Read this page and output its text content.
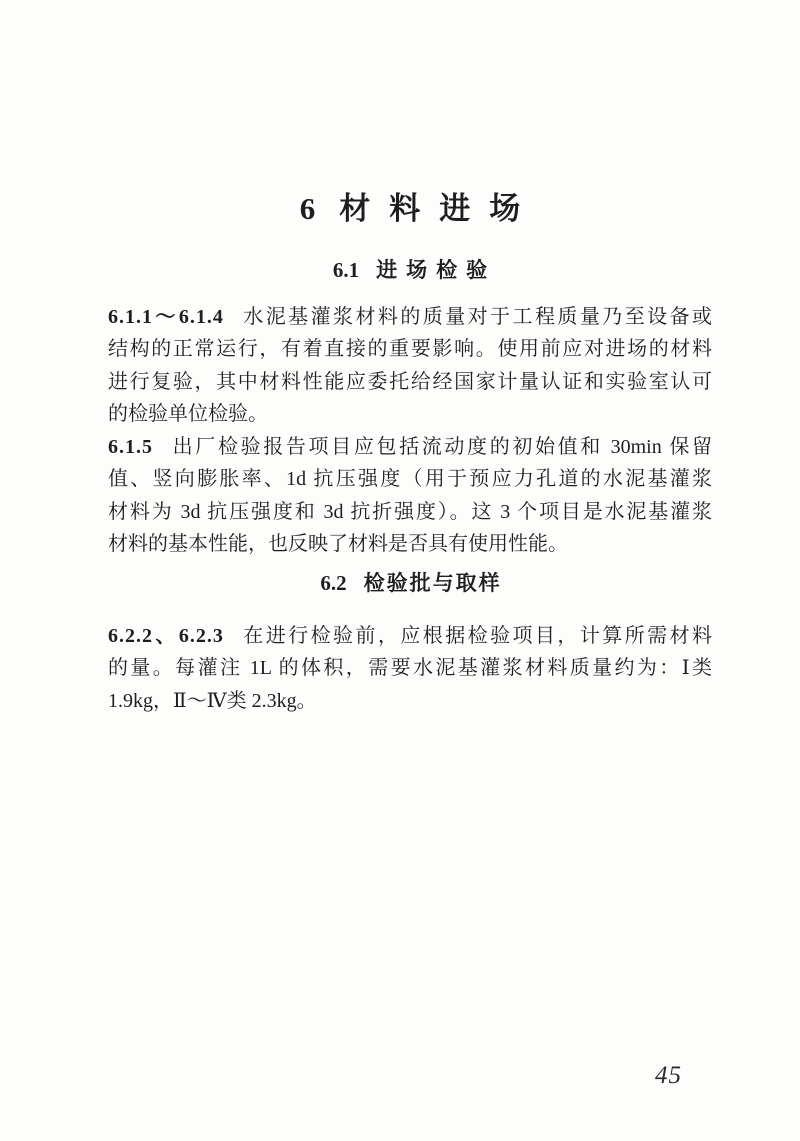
6 材料进场
6.1 进场检验
6.1.1～6.1.4 水泥基灌浆材料的质量对于工程质量乃至设备或
结构的正常运行，有着直接的重要影响。使用前应对进场的材料
进行复验，其中材料性能应委托给经国家计量认证和实验室认可
的检验单位检验。
6.1.5 出厂检验报告项目应包括流动度的初始值和 30min 保留
值、竖向膨胀率、1d 抗压强度（用于预应力孔道的水泥基灌浆
材料为 3d 抗压强度和 3d 抗折强度）。这 3 个项目是水泥基灌浆
材料的基本性能，也反映了材料是否具有使用性能。
6.2 检验批与取样
6.2.2、6.2.3 在进行检验前，应根据检验项目，计算所需材料
的量。每灌注 1L 的体积，需要水泥基灌浆材料质量约为：Ⅰ类
1.9kg，Ⅱ～Ⅳ类 2.3kg。
45
